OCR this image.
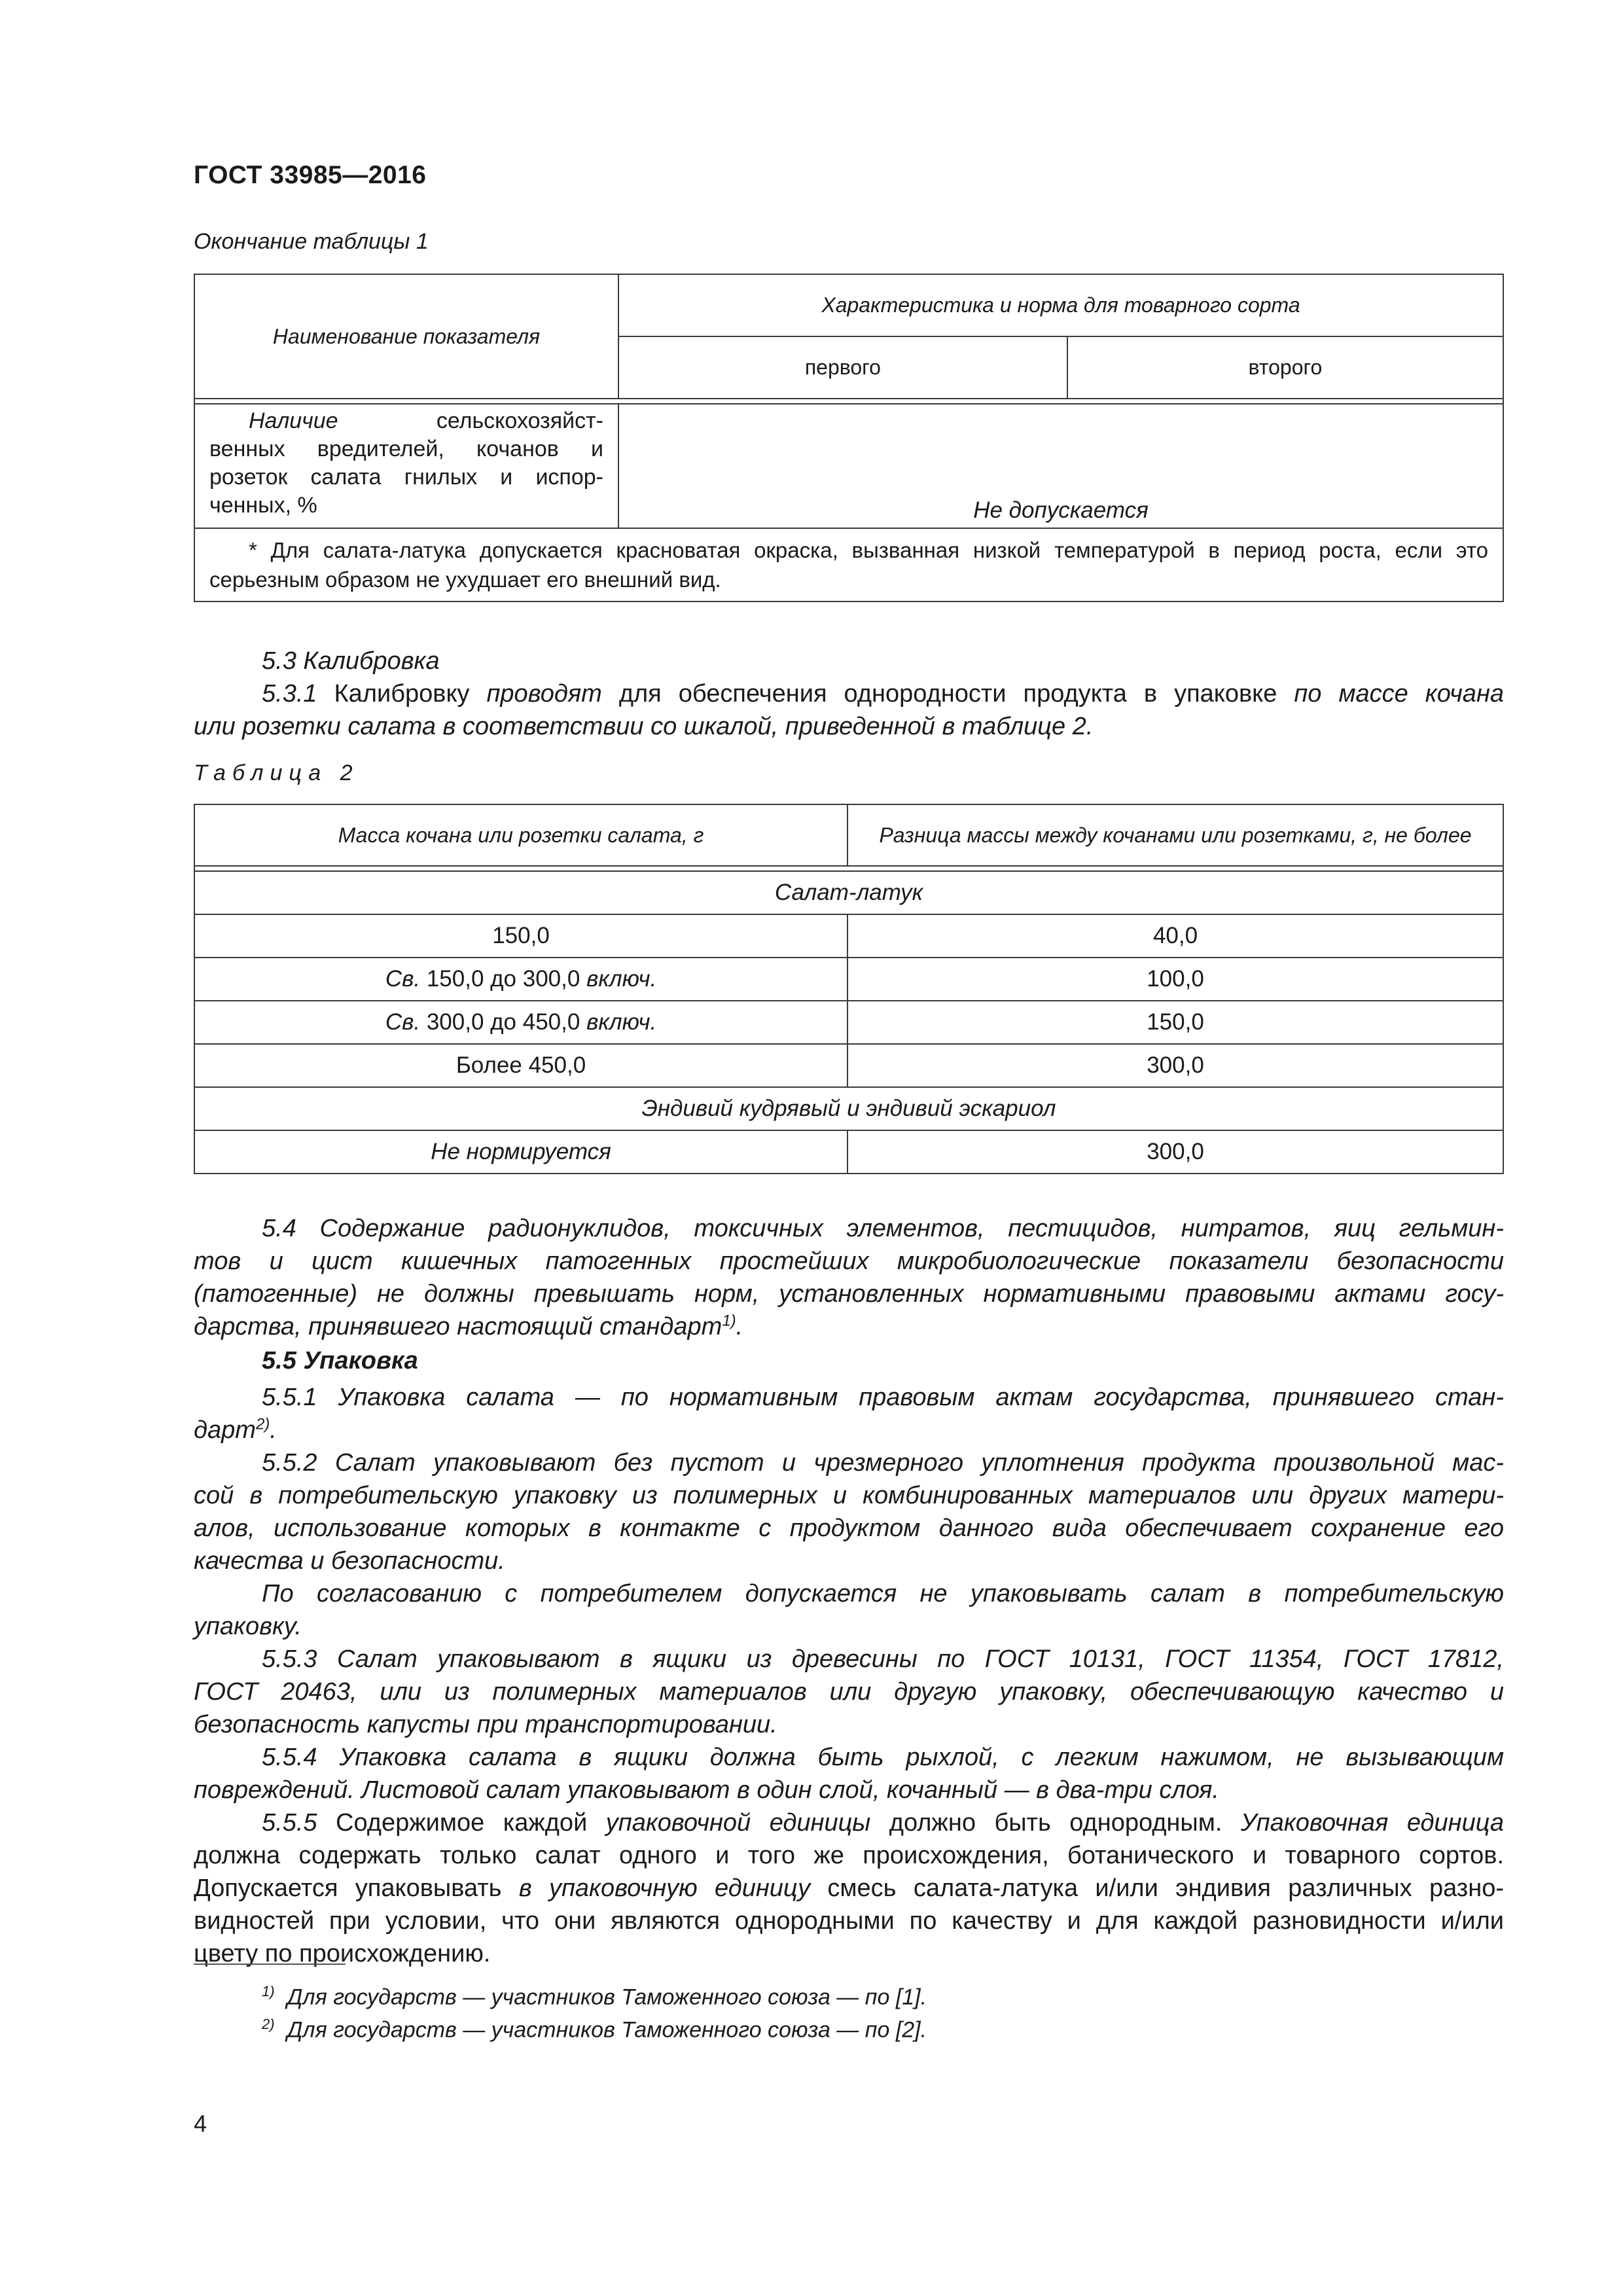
ГОСТ 33985—2016
Окончание таблицы 1
Наименование показателя	Характеристика и норма для товарного сорта	
	первого	второго

Наличие сельскохозяйст-
венных вредителей, кочанов и розеток салата гнилых и испор-ченных, %	Не допускается	
* Для салата-латука допускается красноватая окраска, вызванная низкой температурой в период роста, если это серьезным образом не ухудшает его внешний вид.		
5.3 Калибровка
5.3.1 Калибровку проводят для обеспечения однородности продукта в упаковке по массе кочана
или розетки салата в соответствии со шкалой, приведенной в таблице 2.
Таблица 2
Масса кочана или розетки салата, г	Разница массы между кочанами или розетками, г, не более

Салат-латук	
150,0	40,0
Св. 150,0 до 300,0 включ.	100,0
Св. 300,0 до 450,0 включ.	150,0
Более 450,0	300,0
Эндивий кудрявый и эндивий эскариол	
Не нормируется	300,0
5.4 Содержание радионуклидов, токсичных элементов, пестицидов, нитратов, яиц гельмин-
тов и цист кишечных патогенных простейших микробиологические показатели безопасности
(патогенные) не должны превышать норм, установленных нормативными правовыми актами госу-
дарства, принявшего настоящий стандарт$^{1)}$.
5.5 Упаковка
5.5.1 Упаковка салата — по нормативным правовым актам государства, принявшего стан-
дарт$^{2)}$.
5.5.2 Салат упаковывают без пустот и чрезмерного уплотнения продукта произвольной мас-
сой в потребительскую упаковку из полимерных и комбинированных материалов или других матери-
алов, использование которых в контакте с продуктом данного вида обеспечивает сохранение его
качества и безопасности.
По согласованию с потребителем допускается не упаковывать салат в потребительскую
упаковку.
5.5.3 Салат упаковывают в ящики из древесины по ГОСТ 10131, ГОСТ 11354, ГОСТ 17812,
ГОСТ 20463, или из полимерных материалов или другую упаковку, обеспечивающую качество и
безопасность капусты при транспортировании.
5.5.4 Упаковка салата в ящики должна быть рыхлой, с легким нажимом, не вызывающим
повреждений. Листовой салат упаковывают в один слой, кочанный — в два-три слоя.
5.5.5 Содержимое каждой упаковочной единицы должно быть однородным. Упаковочная единица
должна содержать только салат одного и того же происхождения, ботанического и товарного сортов.
Допускается упаковывать в упаковочную единицу смесь салата-латука и/или эндивия различных разно-
видностей при условии, что они являются однородными по качеству и для каждой разновидности и/или
цвету по происхождению.
$^{1)}$ Для государств — участников Таможенного союза — по [1].
$^{2)}$ Для государств — участников Таможенного союза — по [2].
4
